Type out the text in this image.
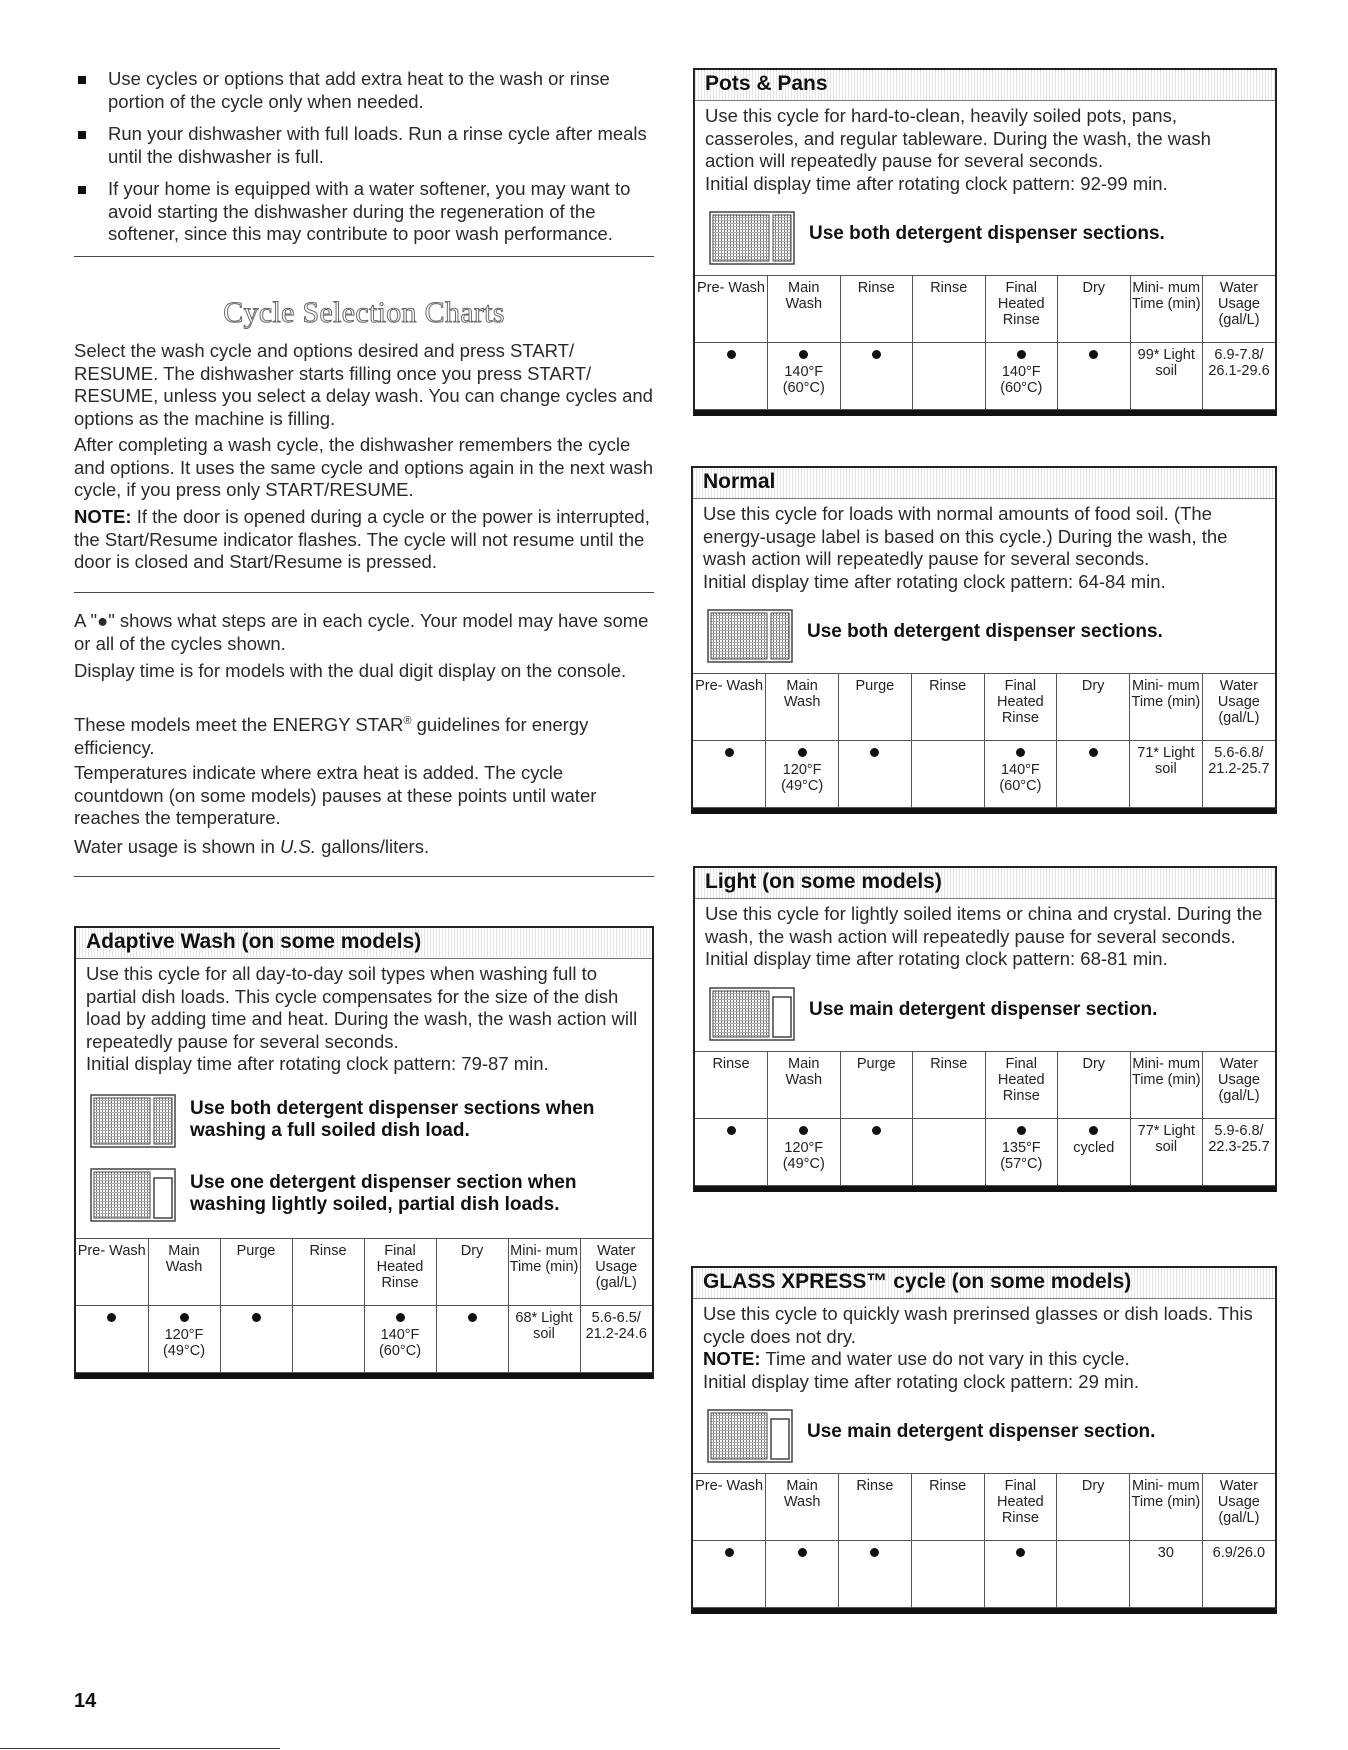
Use cycles or options that add extra heat to the wash or rinse portion of the cycle only when needed.
Run your dishwasher with full loads. Run a rinse cycle after meals until the dishwasher is full.
If your home is equipped with a water softener, you may want to avoid starting the dishwasher during the regeneration of the softener, since this may contribute to poor wash performance.
Cycle Selection Charts

Select the wash cycle and options desired and press START/ RESUME. The dishwasher starts filling once you press START/ RESUME, unless you select a delay wash. You can change cycles and options as the machine is filling.

After completing a wash cycle, the dishwasher remembers the cycle and options. It uses the same cycle and options again in the next wash cycle, if you press only START/RESUME.

NOTE: If the door is opened during a cycle or the power is interrupted, the Start/Resume indicator flashes. The cycle will not resume until the door is closed and Start/Resume is pressed.

A "●" shows what steps are in each cycle. Your model may have some or all of the cycles shown.

Display time is for models with the dual digit display on the console.

These models meet the ENERGY STAR® guidelines for energy efficiency.

Temperatures indicate where extra heat is added. The cycle countdown (on some models) pauses at these points until water reaches the temperature.

Water usage is shown in U.S. gallons/liters.

Adaptive Wash (on some models)

Use this cycle for all day-to-day soil types when washing full to partial dish loads. This cycle compensates for the size of the dish load by adding time and heat. During the wash, the wash action will repeatedly pause for several seconds.

Initial display time after rotating clock pattern: 79-87 min.

Use both detergent dispenser sections when washing a full soiled dish load.
Use one detergent dispenser section when washing lightly soiled, partial dish loads.
Pre- Wash	Main Wash	Purge	Rinse	Final Heated Rinse	Dry	Mini- mum Time (min)	Water Usage (gal/L)

	120°F (49°C)			140°F (60°C)		68* Light soil	5.6-6.5/ 21.2-24.6
Pots & Pans

Use this cycle for hard-to-clean, heavily soiled pots, pans, casseroles, and regular tableware. During the wash, the wash action will repeatedly pause for several seconds.

Initial display time after rotating clock pattern: 92-99 min.

Use both detergent dispenser sections.
Pre- Wash	Main Wash	Rinse	Rinse	Final Heated Rinse	Dry	Mini- mum Time (min)	Water Usage (gal/L)

	140°F (60°C)			140°F (60°C)		99* Light soil	6.9-7.8/ 26.1-29.6
Normal

Use this cycle for loads with normal amounts of food soil. (The energy-usage label is based on this cycle.) During the wash, the wash action will repeatedly pause for several seconds.

Initial display time after rotating clock pattern: 64-84 min.

Use both detergent dispenser sections.
Pre- Wash	Main Wash	Purge	Rinse	Final Heated Rinse	Dry	Mini- mum Time (min)	Water Usage (gal/L)

	120°F (49°C)			140°F (60°C)		71* Light soil	5.6-6.8/ 21.2-25.7
Light (on some models)

Use this cycle for lightly soiled items or china and crystal. During the wash, the wash action will repeatedly pause for several seconds.

Initial display time after rotating clock pattern: 68-81 min.

Use main detergent dispenser section.
Rinse	Main Wash	Purge	Rinse	Final Heated Rinse	Dry	Mini- mum Time (min)	Water Usage (gal/L)

	120°F (49°C)			135°F (57°C)	cycled	77* Light soil	5.9-6.8/ 22.3-25.7
GLASS XPRESS™ cycle (on some models)

Use this cycle to quickly wash prerinsed glasses or dish loads. This cycle does not dry.

NOTE: Time and water use do not vary in this cycle.

Initial display time after rotating clock pattern: 29 min.

Use main detergent dispenser section.
Pre- Wash	Main Wash	Rinse	Rinse	Final Heated Rinse	Dry	Mini- mum Time (min)	Water Usage (gal/L)

						30	6.9/26.0
14
